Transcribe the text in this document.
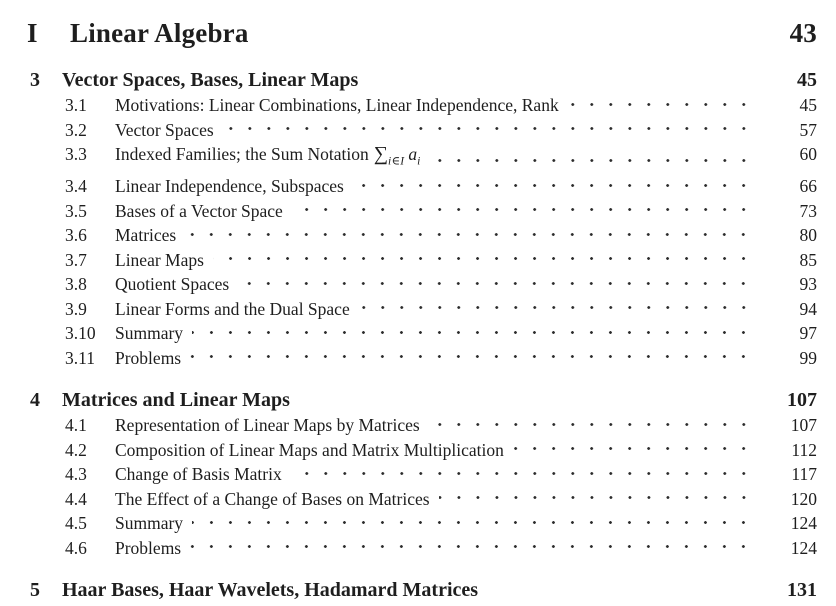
I	Linear Algebra	43
3	Vector Spaces, Bases, Linear Maps	45
3.1	Motivations: Linear Combinations, Linear Independence, Rank	45
3.2	Vector Spaces	57
3.3	Indexed Families; the Sum Notation $\sum_{i\in I}$ $a_i$	60
3.4	Linear Independence, Subspaces	66
3.5	Bases of a Vector Space	73
3.6	Matrices	80
3.7	Linear Maps	85
3.8	Quotient Spaces	93
3.9	Linear Forms and the Dual Space	94
3.10	Summary	97
3.11	Problems	99
4	Matrices and Linear Maps	107
4.1	Representation of Linear Maps by Matrices	107
4.2	Composition of Linear Maps and Matrix Multiplication	112
4.3	Change of Basis Matrix	117
4.4	The Effect of a Change of Bases on Matrices	120
4.5	Summary	124
4.6	Problems	124
5	Haar Bases, Haar Wavelets, Hadamard Matrices	131
